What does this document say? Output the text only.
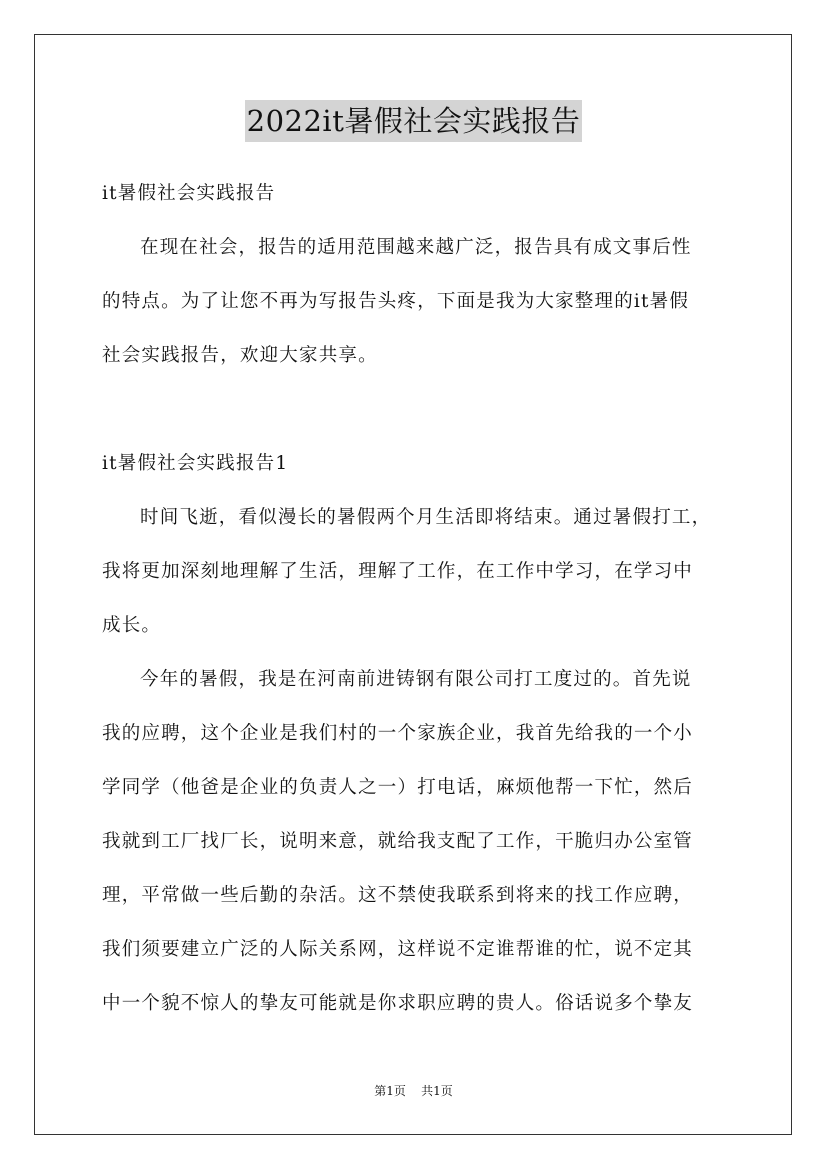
2022it暑假社会实践报告
it暑假社会实践报告
在现在社会，报告的适用范围越来越广泛，报告具有成文事后性
的特点。为了让您不再为写报告头疼，下面是我为大家整理的it暑假
社会实践报告，欢迎大家共享。
it暑假社会实践报告1
时间飞逝，看似漫长的暑假两个月生活即将结束。通过暑假打工，
我将更加深刻地理解了生活，理解了工作，在工作中学习，在学习中
成长。
今年的暑假，我是在河南前进铸钢有限公司打工度过的。首先说
我的应聘，这个企业是我们村的一个家族企业，我首先给我的一个小
学同学（他爸是企业的负责人之一）打电话，麻烦他帮一下忙，然后
我就到工厂找厂长，说明来意，就给我支配了工作，干脆归办公室管
理，平常做一些后勤的杂活。这不禁使我联系到将来的找工作应聘，
我们须要建立广泛的人际关系网，这样说不定谁帮谁的忙，说不定其
中一个貌不惊人的挚友可能就是你求职应聘的贵人。俗话说多个挚友
第1页 共1页
